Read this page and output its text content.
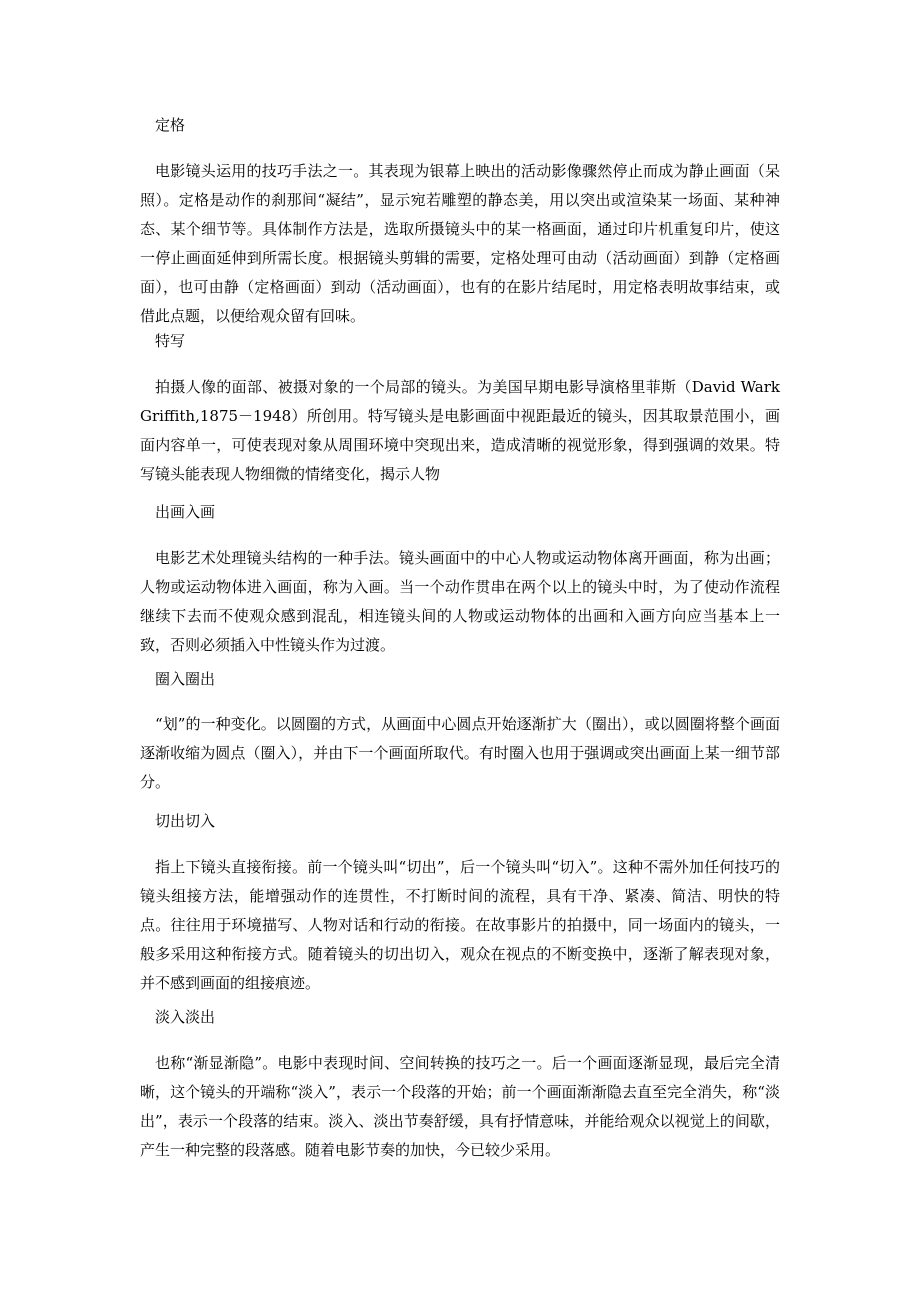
定格

电影镜头运用的技巧手法之一。其表现为银幕上映出的活动影像骤然停止而成为静止画面（呆照）。定格是动作的刹那间“凝结”，显示宛若雕塑的静态美，用以突出或渲染某一场面、某种神态、某个细节等。具体制作方法是，选取所摄镜头中的某一格画面，通过印片机重复印片，使这一停止画面延伸到所需长度。根据镜头剪辑的需要，定格处理可由动（活动画面）到静（定格画面），也可由静（定格画面）到动（活动画面），也有的在影片结尾时，用定格表明故事结束，或借此点题，以便给观众留有回味。

特写

拍摄人像的面部、被摄对象的一个局部的镜头。为美国早期电影导演格里菲斯（David Wark Griffith,1875－1948）所创用。特写镜头是电影画面中视距最近的镜头，因其取景范围小，画面内容单一，可使表现对象从周围环境中突现出来，造成清晰的视觉形象，得到强调的效果。特写镜头能表现人物细微的情绪变化，揭示人物

出画入画

电影艺术处理镜头结构的一种手法。镜头画面中的中心人物或运动物体离开画面，称为出画；人物或运动物体进入画面，称为入画。当一个动作贯串在两个以上的镜头中时，为了使动作流程继续下去而不使观众感到混乱，相连镜头间的人物或运动物体的出画和入画方向应当基本上一致，否则必须插入中性镜头作为过渡。

圈入圈出

“划”的一种变化。以圆圈的方式，从画面中心圆点开始逐渐扩大（圈出），或以圆圈将整个画面逐渐收缩为圆点（圈入），并由下一个画面所取代。有时圈入也用于强调或突出画面上某一细节部分。

切出切入

指上下镜头直接衔接。前一个镜头叫“切出”，后一个镜头叫“切入”。这种不需外加任何技巧的镜头组接方法，能增强动作的连贯性，不打断时间的流程，具有干净、紧凑、简洁、明快的特点。往往用于环境描写、人物对话和行动的衔接。在故事影片的拍摄中，同一场面内的镜头，一般多采用这种衔接方式。随着镜头的切出切入，观众在视点的不断变换中，逐渐了解表现对象，并不感到画面的组接痕迹。

淡入淡出

也称“渐显渐隐”。电影中表现时间、空间转换的技巧之一。后一个画面逐渐显现，最后完全清晰，这个镜头的开端称“淡入”，表示一个段落的开始；前一个画面渐渐隐去直至完全消失，称“淡出”，表示一个段落的结束。淡入、淡出节奏舒缓，具有抒情意味，并能给观众以视觉上的间歇，产生一种完整的段落感。随着电影节奏的加快，今已较少采用。
